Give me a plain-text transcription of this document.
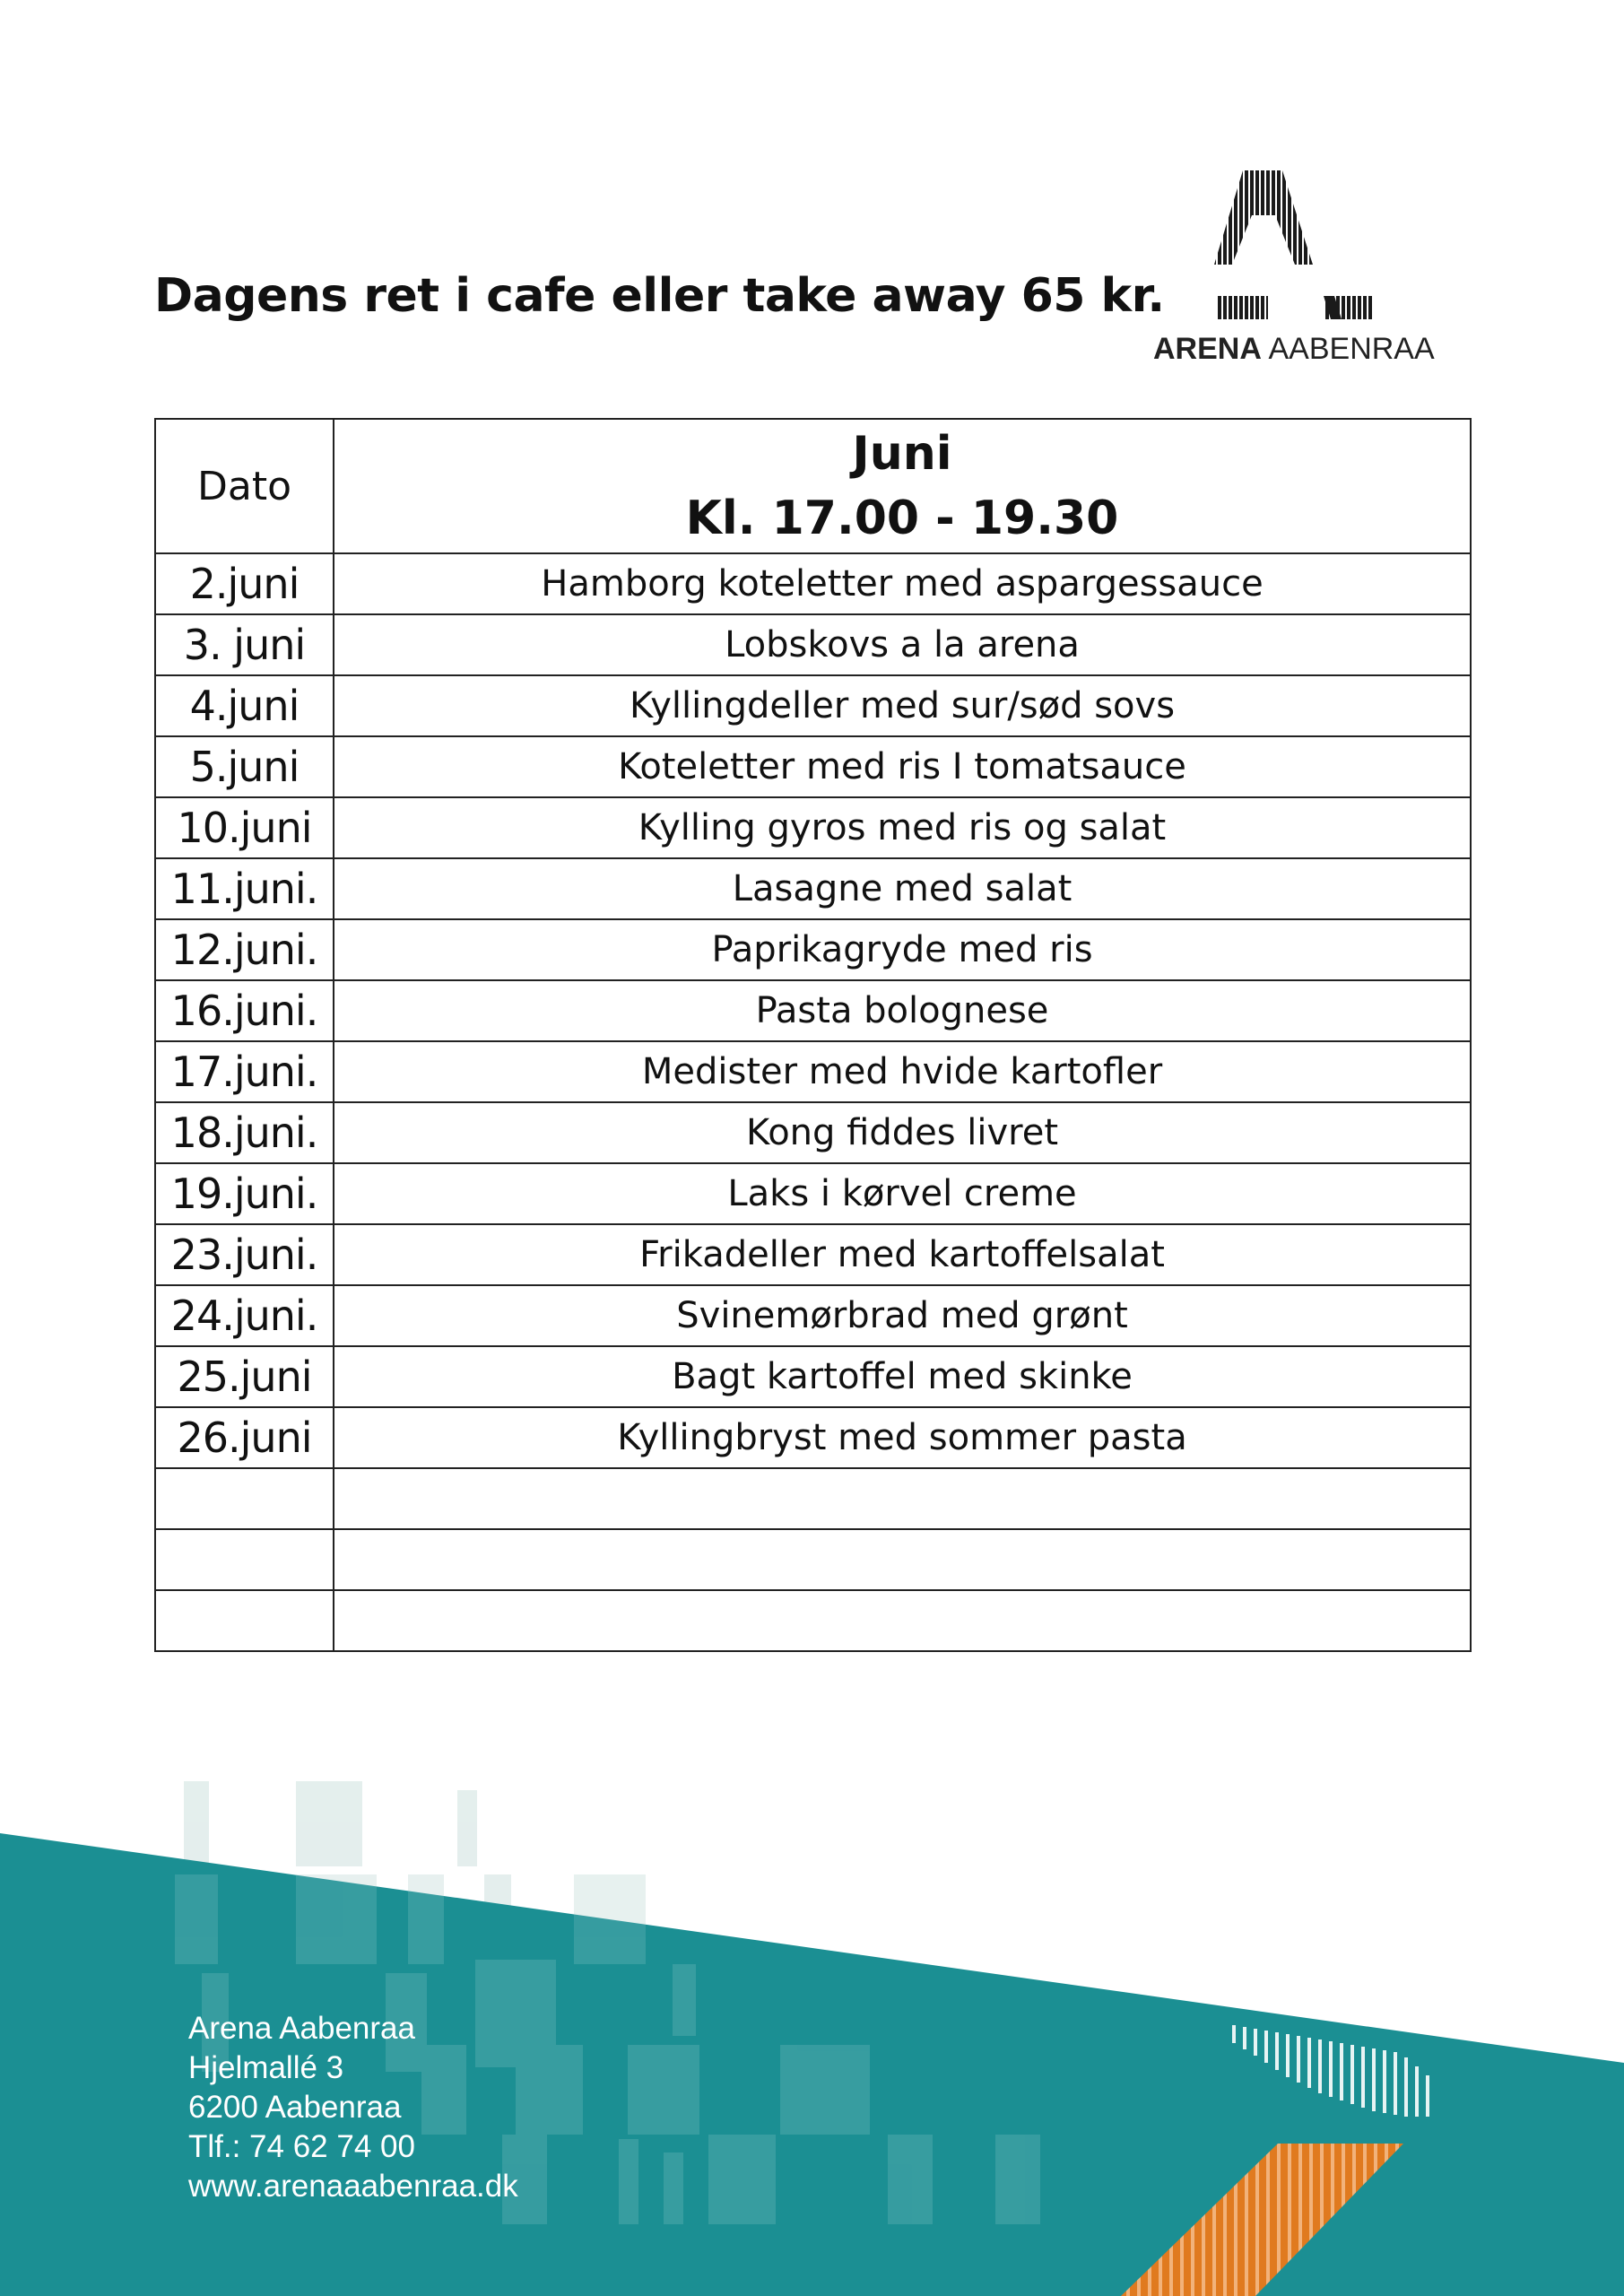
Dagens ret i cafe eller take away 65 kr.
ARENA AABENRAA
Dato	Juni
Kl. 17.00 - 19.30

2.juni	Hamborg koteletter med aspargessauce
3. juni	Lobskovs a la arena
4.juni	Kyllingdeller med sur/sød sovs
5.juni	Koteletter med ris I tomatsauce
10.juni	Kylling gyros med ris og salat
11.juni.	Lasagne med salat
12.juni.	Paprikagryde med ris
16.juni.	Pasta bolognese
17.juni.	Medister med hvide kartofler
18.juni.	Kong fiddes livret
19.juni.	Laks i kørvel creme
23.juni.	Frikadeller med kartoffelsalat
24.juni.	Svinemørbrad med grønt
25.juni	Bagt kartoffel med skinke
26.juni	Kyllingbryst med sommer pasta

Arena Aabenraa
Hjelmallé 3
6200 Aabenraa
Tlf.: 74 62 74 00
www.arenaaabenraa.dk
